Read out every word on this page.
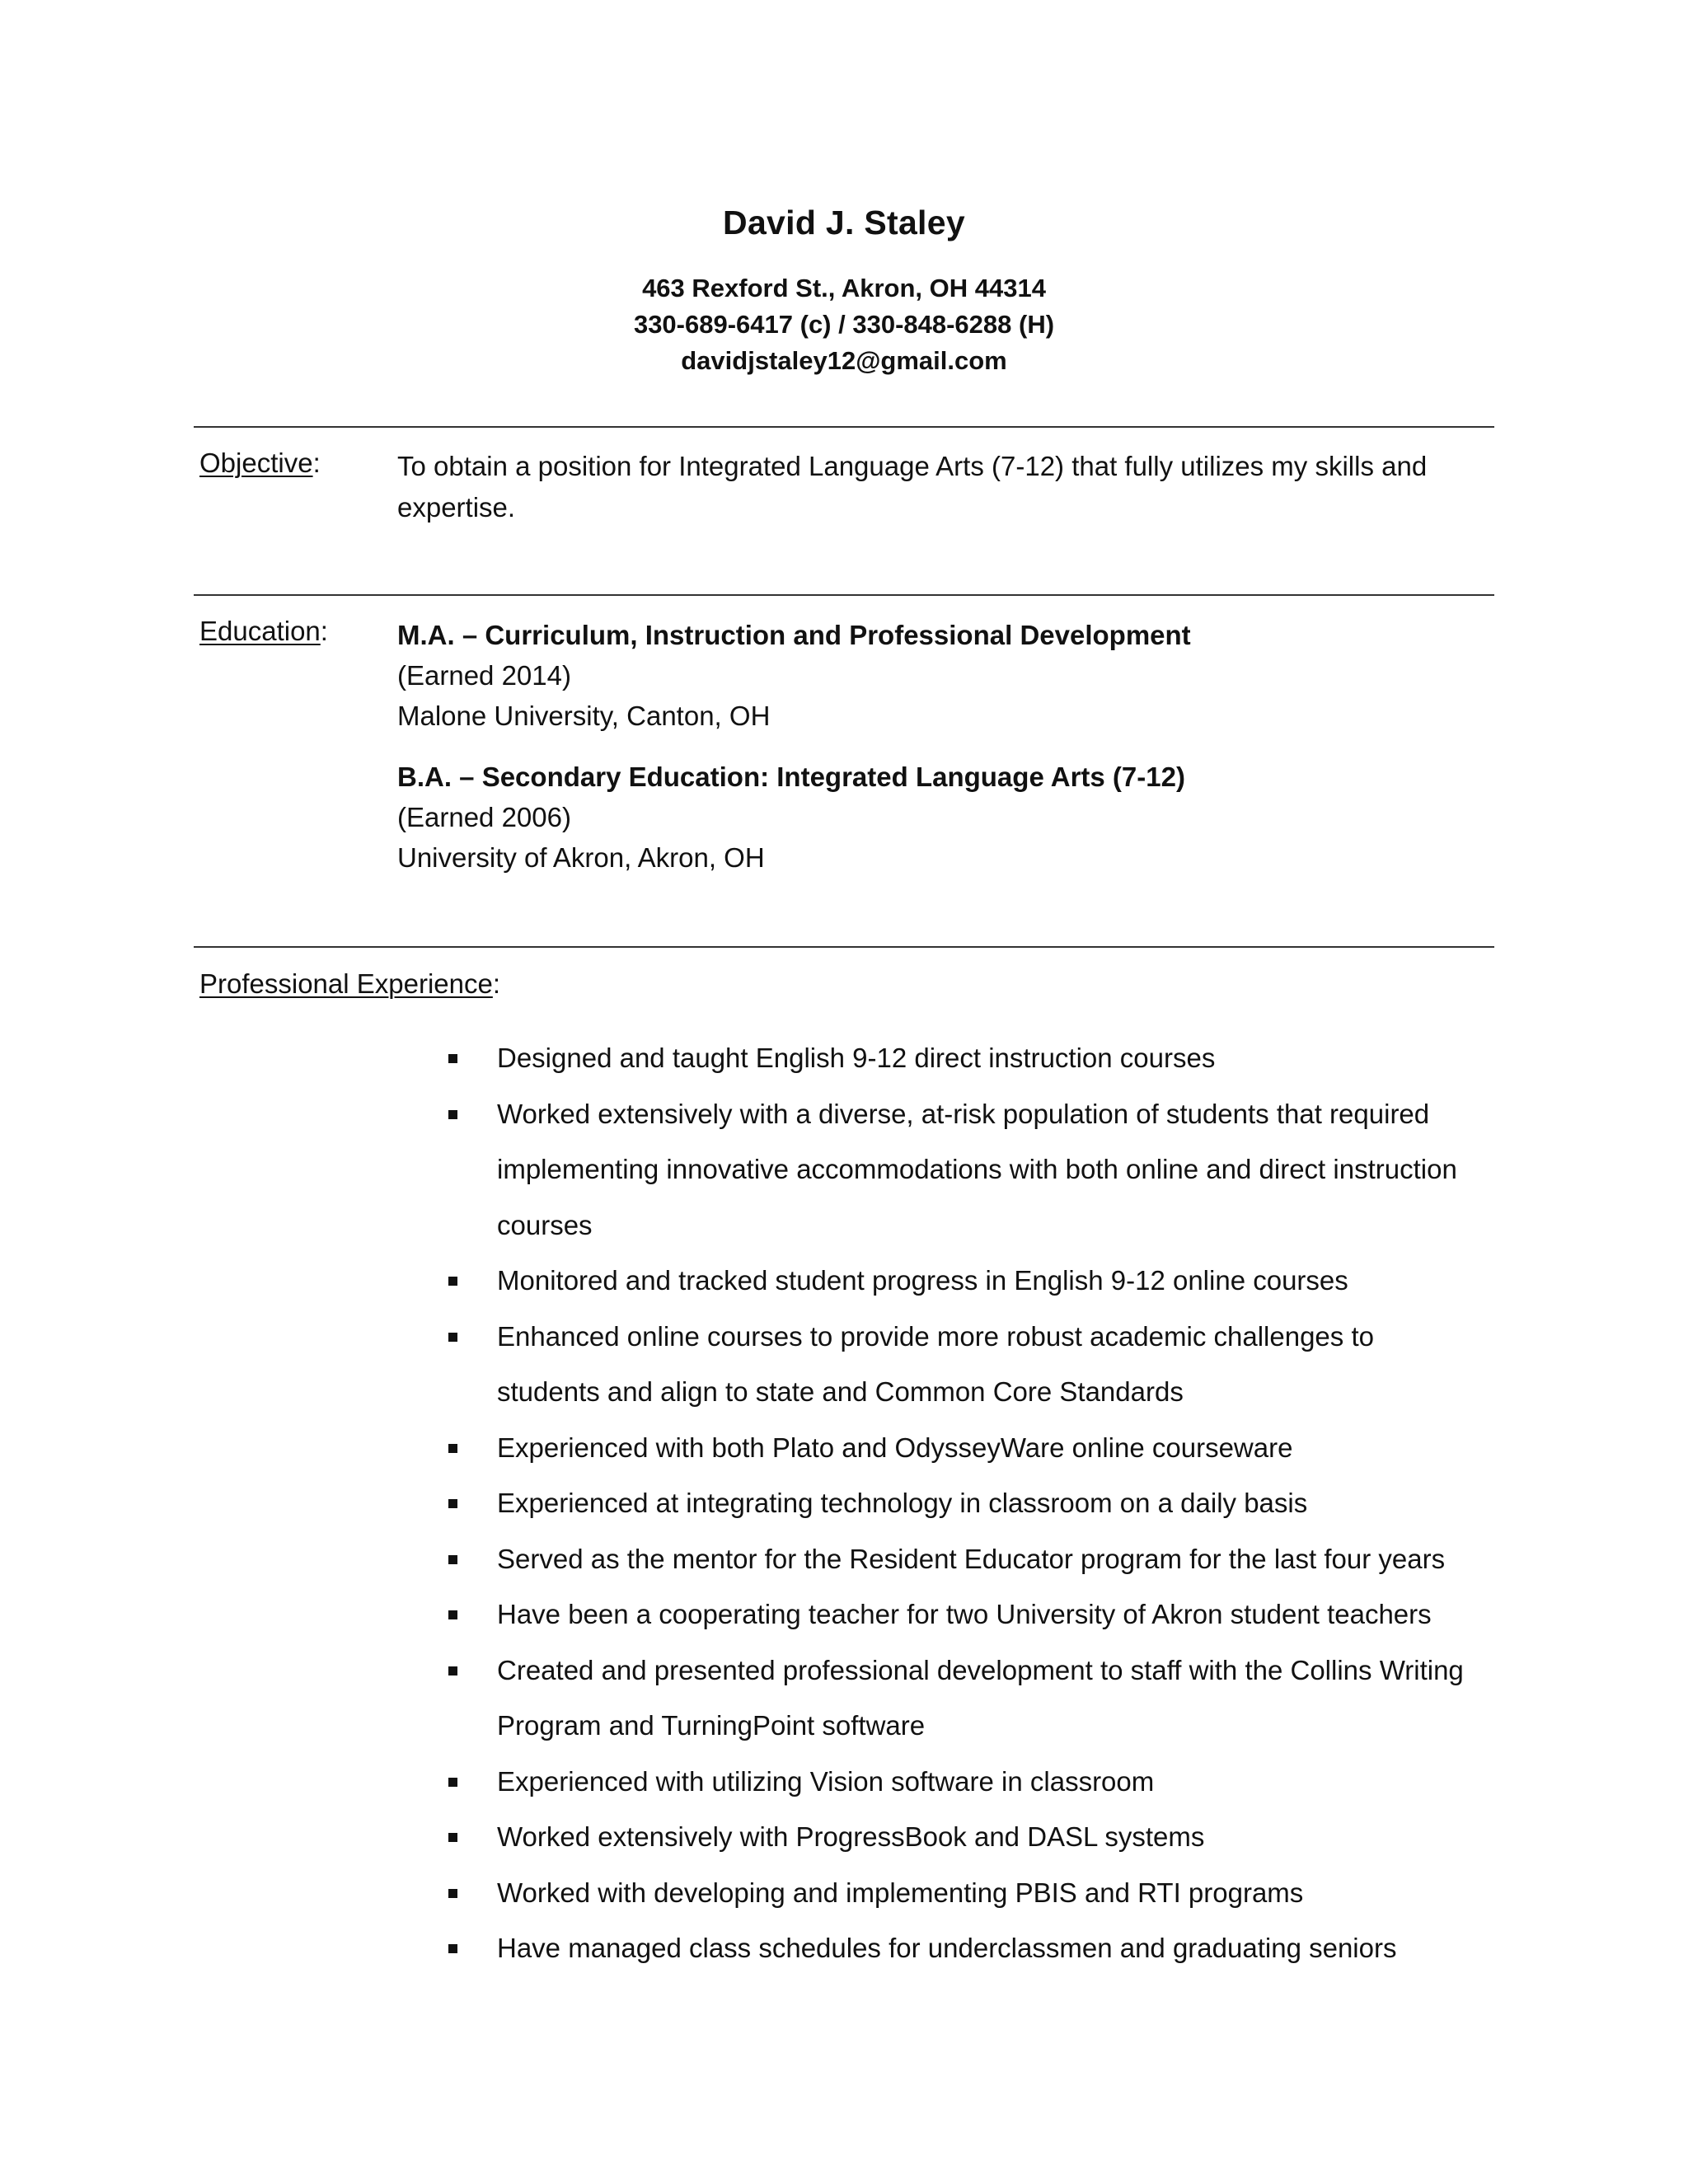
David J. Staley
463 Rexford St., Akron, OH 44314
330-689-6417 (c) / 330-848-6288 (H)
davidjstaley12@gmail.com
Objective:	To obtain a position for Integrated Language Arts (7-12) that fully utilizes my skills and expertise.
Education:	M.A. – Curriculum, Instruction and Professional Development
(Earned 2014)
Malone University, Canton, OH
B.A. – Secondary Education: Integrated Language Arts (7-12)
(Earned 2006)
University of Akron, Akron, OH
Professional Experience:
Designed and taught English 9-12 direct instruction courses
Worked extensively with a diverse, at-risk population of students that required implementing innovative accommodations with both online and direct instruction courses
Monitored and tracked student progress in English 9-12 online courses
Enhanced online courses to provide more robust academic challenges to students and align to state and Common Core Standards
Experienced with both Plato and OdysseyWare online courseware
Experienced at integrating technology in classroom on a daily basis
Served as the mentor for the Resident Educator program for the last four years
Have been a cooperating teacher for two University of Akron student teachers
Created and presented professional development to staff with the Collins Writing Program and TurningPoint software
Experienced with utilizing Vision software in classroom
Worked extensively with ProgressBook and DASL systems
Worked with developing and implementing PBIS and RTI programs
Have managed class schedules for underclassmen and graduating seniors
